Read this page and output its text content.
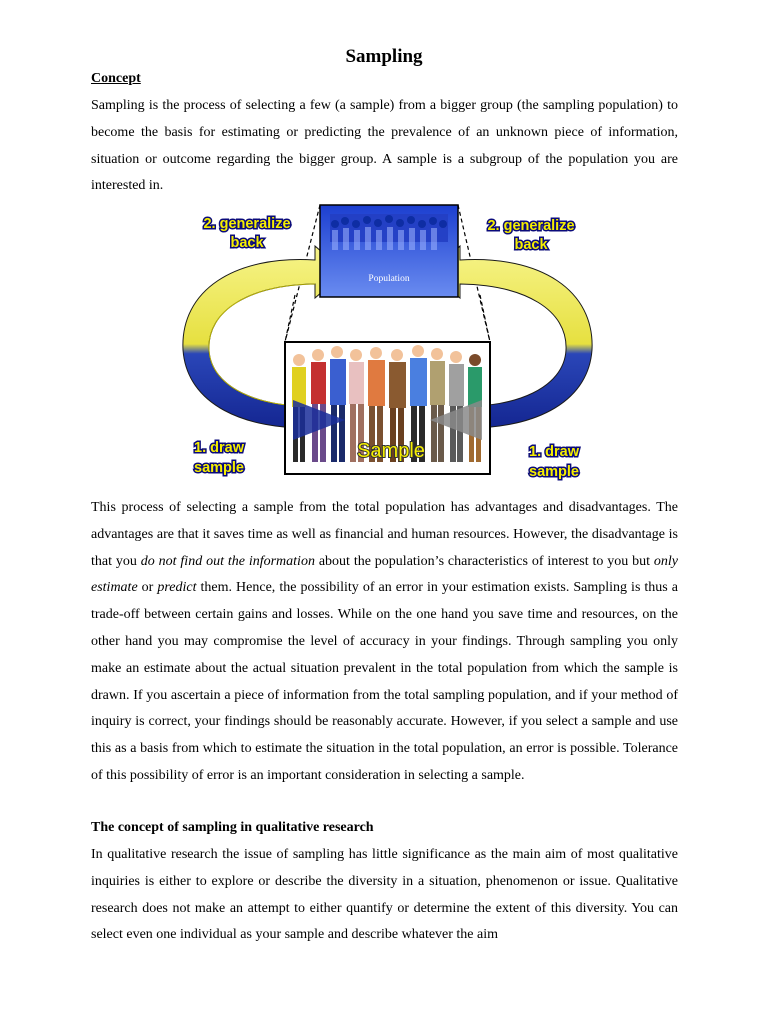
Sampling
Concept

Sampling is the process of selecting a few (a sample) from a bigger group (the sampling population) to become the basis for estimating or predicting the prevalence of an unknown piece of information, situation or outcome regarding the bigger group. A sample is a subgroup of the population you are interested in.

Population
Sample
2. generalize
back
2. generalize
back
1. draw
sample
1. draw
sample

This process of selecting a sample from the total population has advantages and disadvantages. The advantages are that it saves time as well as financial and human resources. However, the disadvantage is that you do not find out the information about the population’s characteristics of interest to you but only estimate or predict them. Hence, the possibility of an error in your estimation exists. Sampling is thus a trade-off between certain gains and losses. While on the one hand you save time and resources, on the other hand you may compromise the level of accuracy in your findings. Through sampling you only make an estimate about the actual situation prevalent in the total population from which the sample is drawn. If you ascertain a piece of information from the total sampling population, and if your method of inquiry is correct, your findings should be reasonably accurate. However, if you select a sample and use this as a basis from which to estimate the situation in the total population, an error is possible. Tolerance of this possibility of error is an important consideration in selecting a sample.

The concept of sampling in qualitative research

In qualitative research the issue of sampling has little significance as the main aim of most qualitative inquiries is either to explore or describe the diversity in a situation, phenomenon or issue. Qualitative research does not make an attempt to either quantify or determine the extent of this diversity. You can select even one individual as your sample and describe whatever the aim
